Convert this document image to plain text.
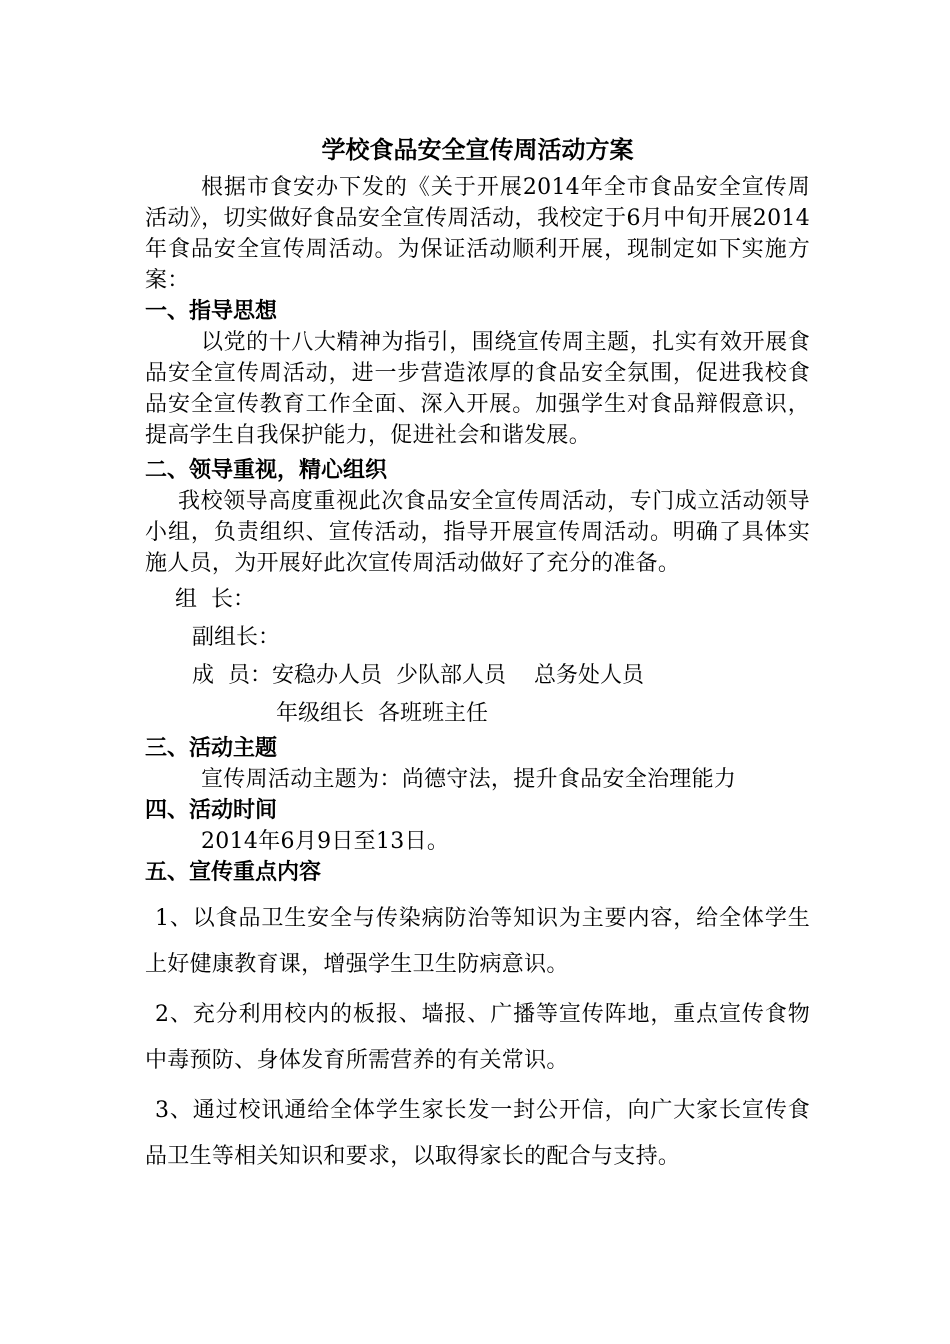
学校食品安全宣传周活动方案

根据市食安办下发的《关于开展2014年全市食品安全宣传周活动》，切实做好食品安全宣传周活动，我校定于6月中旬开展2014年食品安全宣传周活动。为保证活动顺利开展，现制定如下实施方案：

一、指导思想

以党的十八大精神为指引，围绕宣传周主题，扎实有效开展食品安全宣传周活动，进一步营造浓厚的食品安全氛围，促进我校食品安全宣传教育工作全面、深入开展。加强学生对食品辩假意识，提高学生自我保护能力，促进社会和谐发展。

二、领导重视，精心组织

我校领导高度重视此次食品安全宣传周活动，专门成立活动领导小组，负责组织、宣传活动，指导开展宣传周活动。明确了具体实施人员，为开展好此次宣传周活动做好了充分的准备。

组  长：

副组长：

成  员：安稳办人员  少队部人员    总务处人员

年级组长  各班班主任

三、活动主题

宣传周活动主题为：尚德守法，提升食品安全治理能力

四、活动时间

2014年6月9日至13日。

五、宣传重点内容

1、以食品卫生安全与传染病防治等知识为主要内容，给全体学生上好健康教育课，增强学生卫生防病意识。

2、充分利用校内的板报、墙报、广播等宣传阵地，重点宣传食物中毒预防、身体发育所需营养的有关常识。

3、通过校讯通给全体学生家长发一封公开信，向广大家长宣传食品卫生等相关知识和要求，以取得家长的配合与支持。
